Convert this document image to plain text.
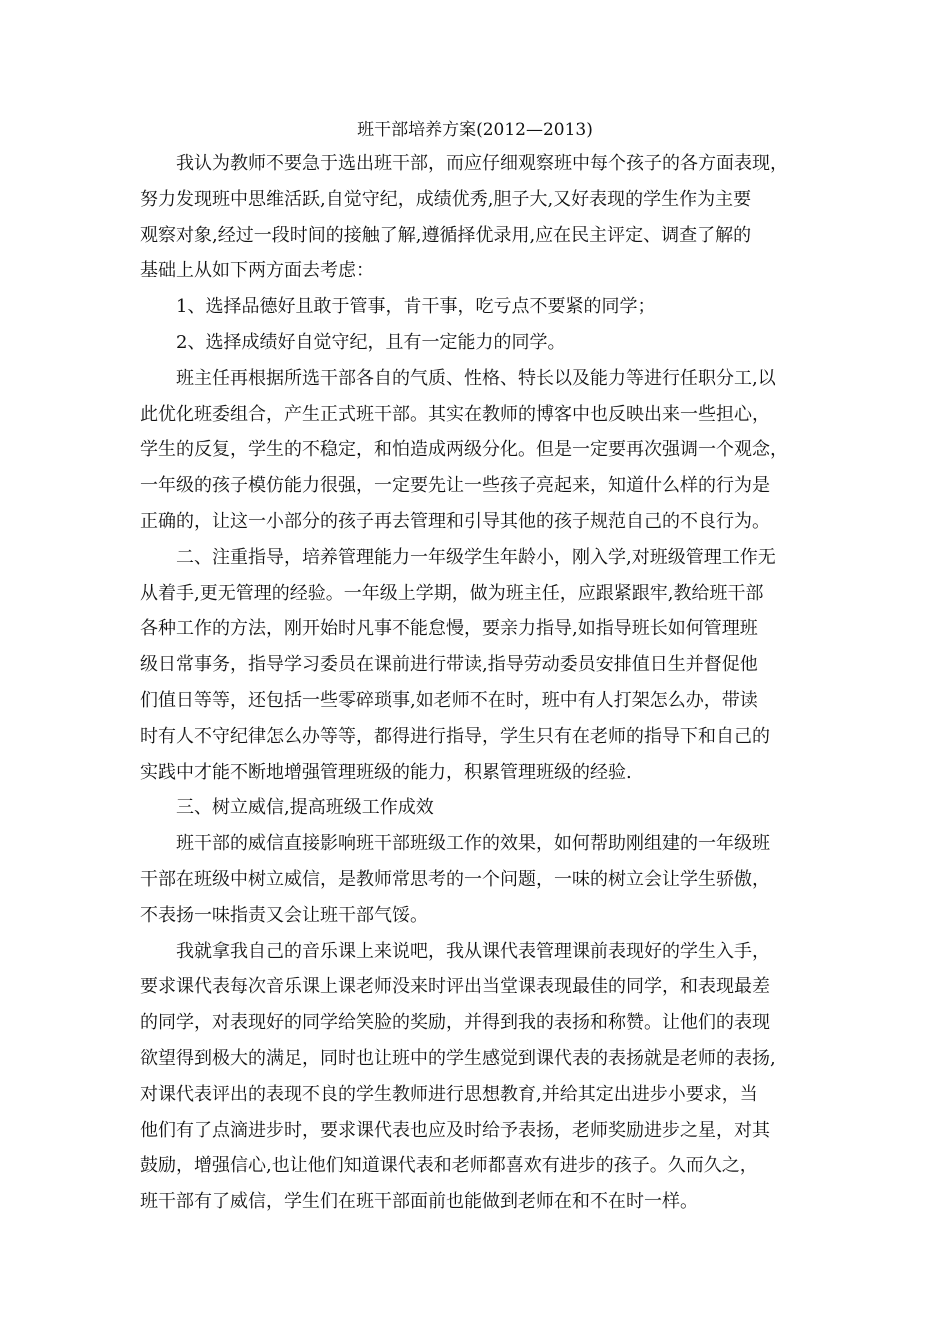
班干部培养方案(2012—2013)
我认为教师不要急于选出班干部，而应仔细观察班中每个孩子的各方面表现，
努力发现班中思维活跃,自觉守纪，成绩优秀,胆子大,又好表现的学生作为主要
观察对象,经过一段时间的接触了解,遵循择优录用,应在民主评定、调查了解的
基础上从如下两方面去考虑：
1、选择品德好且敢于管事，肯干事，吃亏点不要紧的同学；
2、选择成绩好自觉守纪，且有一定能力的同学。
班主任再根据所选干部各自的气质、性格、特长以及能力等进行任职分工,以
此优化班委组合，产生正式班干部。其实在教师的博客中也反映出来一些担心，
学生的反复，学生的不稳定，和怕造成两级分化。但是一定要再次强调一个观念，
一年级的孩子模仿能力很强，一定要先让一些孩子亮起来，知道什么样的行为是
正确的，让这一小部分的孩子再去管理和引导其他的孩子规范自己的不良行为。
二、注重指导，培养管理能力一年级学生年龄小，刚入学,对班级管理工作无
从着手,更无管理的经验。一年级上学期，做为班主任，应跟紧跟牢,教给班干部
各种工作的方法，刚开始时凡事不能怠慢，要亲力指导,如指导班长如何管理班
级日常事务，指导学习委员在课前进行带读,指导劳动委员安排值日生并督促他
们值日等等，还包括一些零碎琐事,如老师不在时，班中有人打架怎么办，带读
时有人不守纪律怎么办等等，都得进行指导，学生只有在老师的指导下和自己的
实践中才能不断地增强管理班级的能力，积累管理班级的经验.
三、树立威信,提高班级工作成效
班干部的威信直接影响班干部班级工作的效果，如何帮助刚组建的一年级班
干部在班级中树立威信，是教师常思考的一个问题，一味的树立会让学生骄傲，
不表扬一味指责又会让班干部气馁。
我就拿我自己的音乐课上来说吧，我从课代表管理课前表现好的学生入手，
要求课代表每次音乐课上课老师没来时评出当堂课表现最佳的同学，和表现最差
的同学，对表现好的同学给笑脸的奖励，并得到我的表扬和称赞。让他们的表现
欲望得到极大的满足，同时也让班中的学生感觉到课代表的表扬就是老师的表扬,
对课代表评出的表现不良的学生教师进行思想教育,并给其定出进步小要求，当
他们有了点滴进步时，要求课代表也应及时给予表扬，老师奖励进步之星，对其
鼓励，增强信心,也让他们知道课代表和老师都喜欢有进步的孩子。久而久之，
班干部有了威信，学生们在班干部面前也能做到老师在和不在时一样。
